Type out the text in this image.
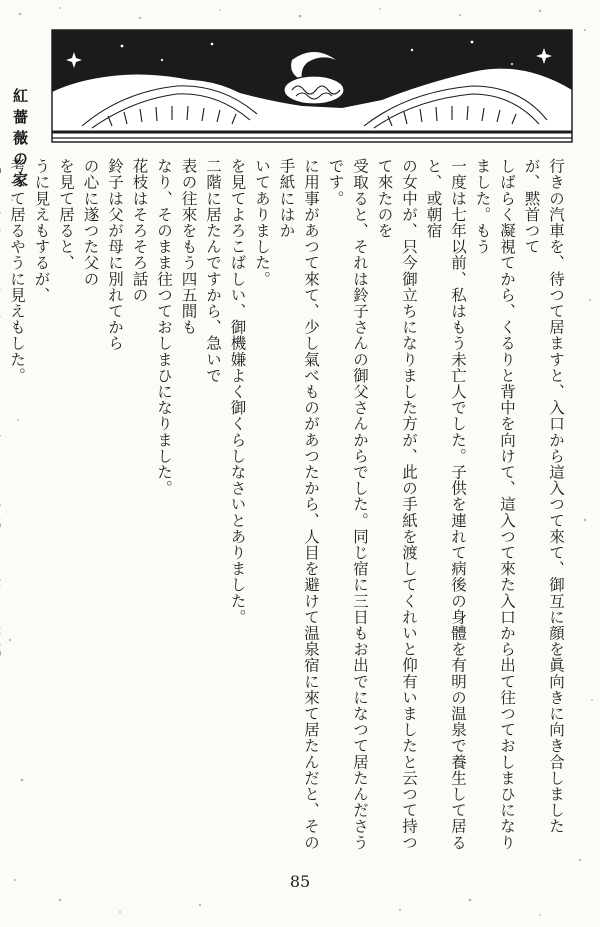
紅薔薇の家

行きの汽車を、待つて居ますと、入口から這入つて來て、御互に顔を眞向きに向き合しましたが、黙首つて

しばらく凝視てから、くるりと背中を向けて、這入つて來た入口から出て往つておしまひになりました。もう

一度は七年以前、私はもう未亡人でした。子供を連れて病後の身體を有明の温泉で養生して居ると、或朝宿

の女中が、只今御立ちになりました方が、此の手紙を渡してくれいと仰有いましたと云つて持つて來たのを

受取ると、それは鈴子さんの御父さんからでした。同じ宿に三日もお出でになつて居たんださうです。

に用事があつて來て、少し氣べものがあつたから、人目を避けて温泉宿に來て居たんだと、その手紙にはか

いてありました。

を見てよろこばしい、御機嫌よく御くらしなさいとありました。

二階に居たんですから、急いで

表の往來をもう四五間も

なり、そのまま往つておしまひになりました。

花枝はそろそろ話の

鈴子は父が母に別れてから

の心に遂つた父の

を見て居ると、

うに見えもするが、

考へて居るやうに見えもした。

85
